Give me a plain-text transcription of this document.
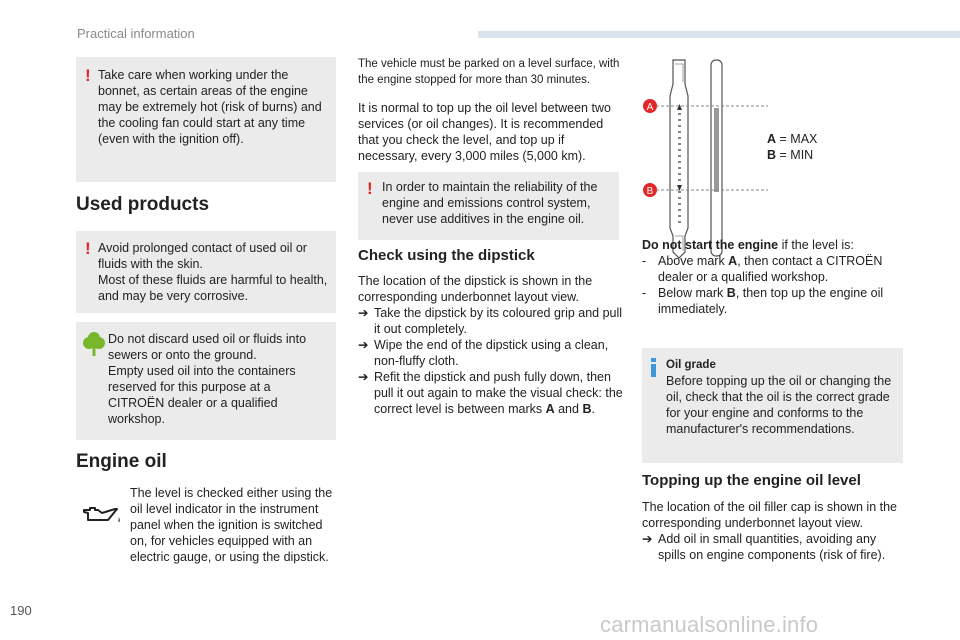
Practical information
! Take care when working under the bonnet, as certain areas of the engine may be extremely hot (risk of burns) and the cooling fan could start at any time (even with the ignition off).
Used products
! Avoid prolonged contact of used oil or fluids with the skin.
Most of these fluids are harmful to health, and may be very corrosive.
Do not discard used oil or fluids into sewers or onto the ground.
Empty used oil into the containers reserved for this purpose at a CITROËN dealer or a qualified workshop.
Engine oil
The level is checked either using the oil level indicator in the instrument panel when the ignition is switched on, for vehicles equipped with an electric gauge, or using the dipstick.
The vehicle must be parked on a level surface, with the engine stopped for more than 30 minutes.
It is normal to top up the oil level between two services (or oil changes). It is recommended that you check the level, and top up if necessary, every 3,000 miles (5,000 km).
! In order to maintain the reliability of the engine and emissions control system, never use additives in the engine oil.
Check using the dipstick

The location of the dipstick is shown in the corresponding underbonnet layout view.

➔ Take the dipstick by its coloured grip and pull it out completely.
➔ Wipe the end of the dipstick using a clean, non-fluffy cloth.
➔ Refit the dipstick and push fully down, then pull it out again to make the visual check: the correct level is between marks A and B.
A
B
A = MAX
B = MIN

Do not start the engine if the level is:

- Above mark A, then contact a CITROËN dealer or a qualified workshop.
- Below mark B, then top up the engine oil immediately.
Oil grade
Before topping up the oil or changing the oil, check that the oil is the correct grade for your engine and conforms to the manufacturer's recommendations.
Topping up the engine oil level

The location of the oil filler cap is shown in the corresponding underbonnet layout view.

➔ Add oil in small quantities, avoiding any spills on engine components (risk of fire).
190
carmanualsonline.info
